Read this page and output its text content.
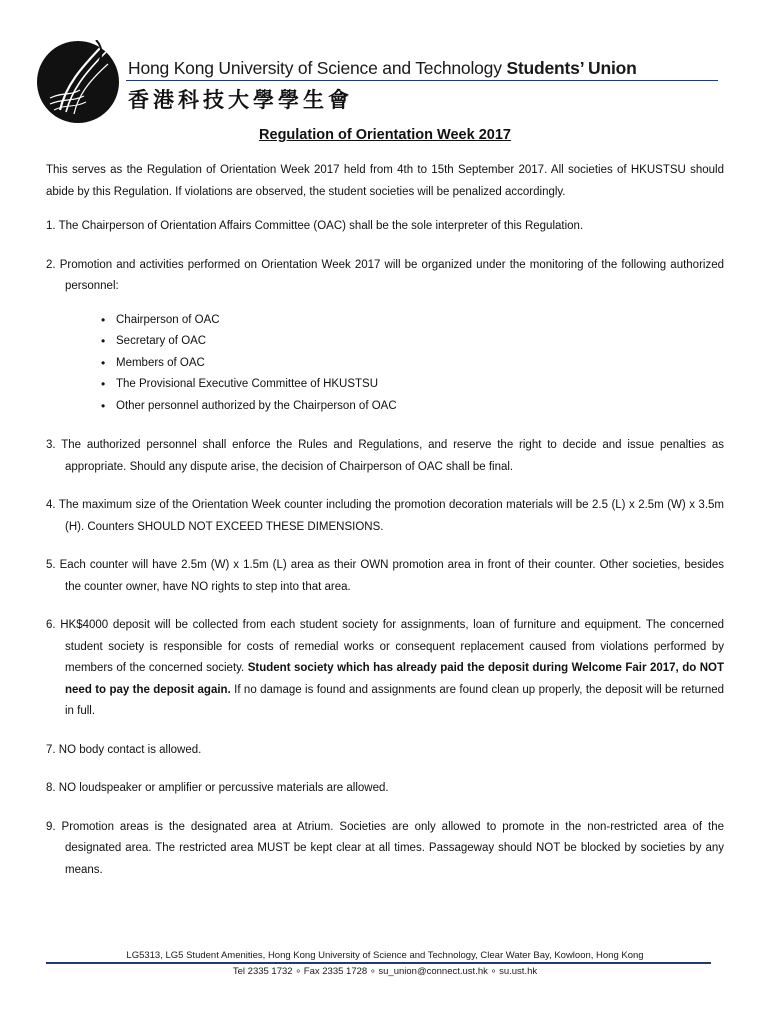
Hong Kong University of Science and Technology Students’ Union
香港科技大學學生會
Regulation of Orientation Week 2017

This serves as the Regulation of Orientation Week 2017 held from 4th to 15th September 2017. All societies of HKUSTSU should abide by this Regulation. If violations are observed, the student societies will be penalized accordingly.

1. The Chairperson of Orientation Affairs Committee (OAC) shall be the sole interpreter of this Regulation.

2. Promotion and activities performed on Orientation Week 2017 will be organized under the monitoring of the following authorized personnel:

• Chairperson of OAC
• Secretary of OAC
• Members of OAC
• The Provisional Executive Committee of HKUSTSU
• Other personnel authorized by the Chairperson of OAC

3. The authorized personnel shall enforce the Rules and Regulations, and reserve the right to decide and issue penalties as appropriate. Should any dispute arise, the decision of Chairperson of OAC shall be final.

4. The maximum size of the Orientation Week counter including the promotion decoration materials will be 2.5 (L) x 2.5m (W) x 3.5m (H). Counters SHOULD NOT EXCEED THESE DIMENSIONS.

5. Each counter will have 2.5m (W) x 1.5m (L) area as their OWN promotion area in front of their counter. Other societies, besides the counter owner, have NO rights to step into that area.

6. HK$4000 deposit will be collected from each student society for assignments, loan of furniture and equipment. The concerned student society is responsible for costs of remedial works or consequent replacement caused from violations performed by members of the concerned society. Student society which has already paid the deposit during Welcome Fair 2017, do NOT need to pay the deposit again. If no damage is found and assignments are found clean up properly, the deposit will be returned in full.

7. NO body contact is allowed.

8. NO loudspeaker or amplifier or percussive materials are allowed.

9. Promotion areas is the designated area at Atrium. Societies are only allowed to promote in the non-restricted area of the designated area. The restricted area MUST be kept clear at all times. Passageway should NOT be blocked by societies by any means.

LG5313, LG5 Student Amenities, Hong Kong University of Science and Technology, Clear Water Bay, Kowloon, Hong Kong
Tel 2335 1732 ∘ Fax 2335 1728 ∘ su_union@connect.ust.hk ∘ su.ust.hk
